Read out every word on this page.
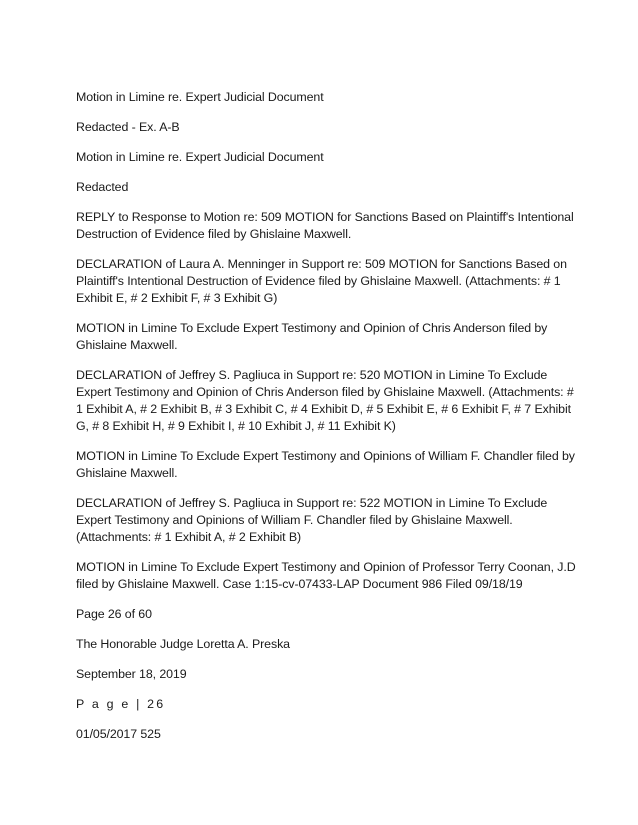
Motion in Limine re. Expert Judicial Document

Redacted - Ex. A-B

Motion in Limine re. Expert Judicial Document

Redacted

REPLY to Response to Motion re: 509 MOTION for Sanctions Based on Plaintiff's Intentional Destruction of Evidence filed by Ghislaine Maxwell.

DECLARATION of Laura A. Menninger in Support re: 509 MOTION for Sanctions Based on Plaintiff's Intentional Destruction of Evidence filed by Ghislaine Maxwell. (Attachments: # 1 Exhibit E, # 2 Exhibit F, # 3 Exhibit G)

MOTION in Limine To Exclude Expert Testimony and Opinion of Chris Anderson filed by Ghislaine Maxwell.

DECLARATION of Jeffrey S. Pagliuca in Support re: 520 MOTION in Limine To Exclude Expert Testimony and Opinion of Chris Anderson filed by Ghislaine Maxwell. (Attachments: # 1 Exhibit A, # 2 Exhibit B, # 3 Exhibit C, # 4 Exhibit D, # 5 Exhibit E, # 6 Exhibit F, # 7 Exhibit G, # 8 Exhibit H, # 9 Exhibit I, # 10 Exhibit J, # 11 Exhibit K)

MOTION in Limine To Exclude Expert Testimony and Opinions of William F. Chandler filed by Ghislaine Maxwell.

DECLARATION of Jeffrey S. Pagliuca in Support re: 522 MOTION in Limine To Exclude Expert Testimony and Opinions of William F. Chandler filed by Ghislaine Maxwell. (Attachments: # 1 Exhibit A, # 2 Exhibit B)

MOTION in Limine To Exclude Expert Testimony and Opinion of Professor Terry Coonan, J.D filed by Ghislaine Maxwell. Case 1:15-cv-07433-LAP Document 986 Filed 09/18/19

Page 26 of 60

The Honorable Judge Loretta A. Preska

September 18, 2019

P a g e | 26

01/05/2017 525
